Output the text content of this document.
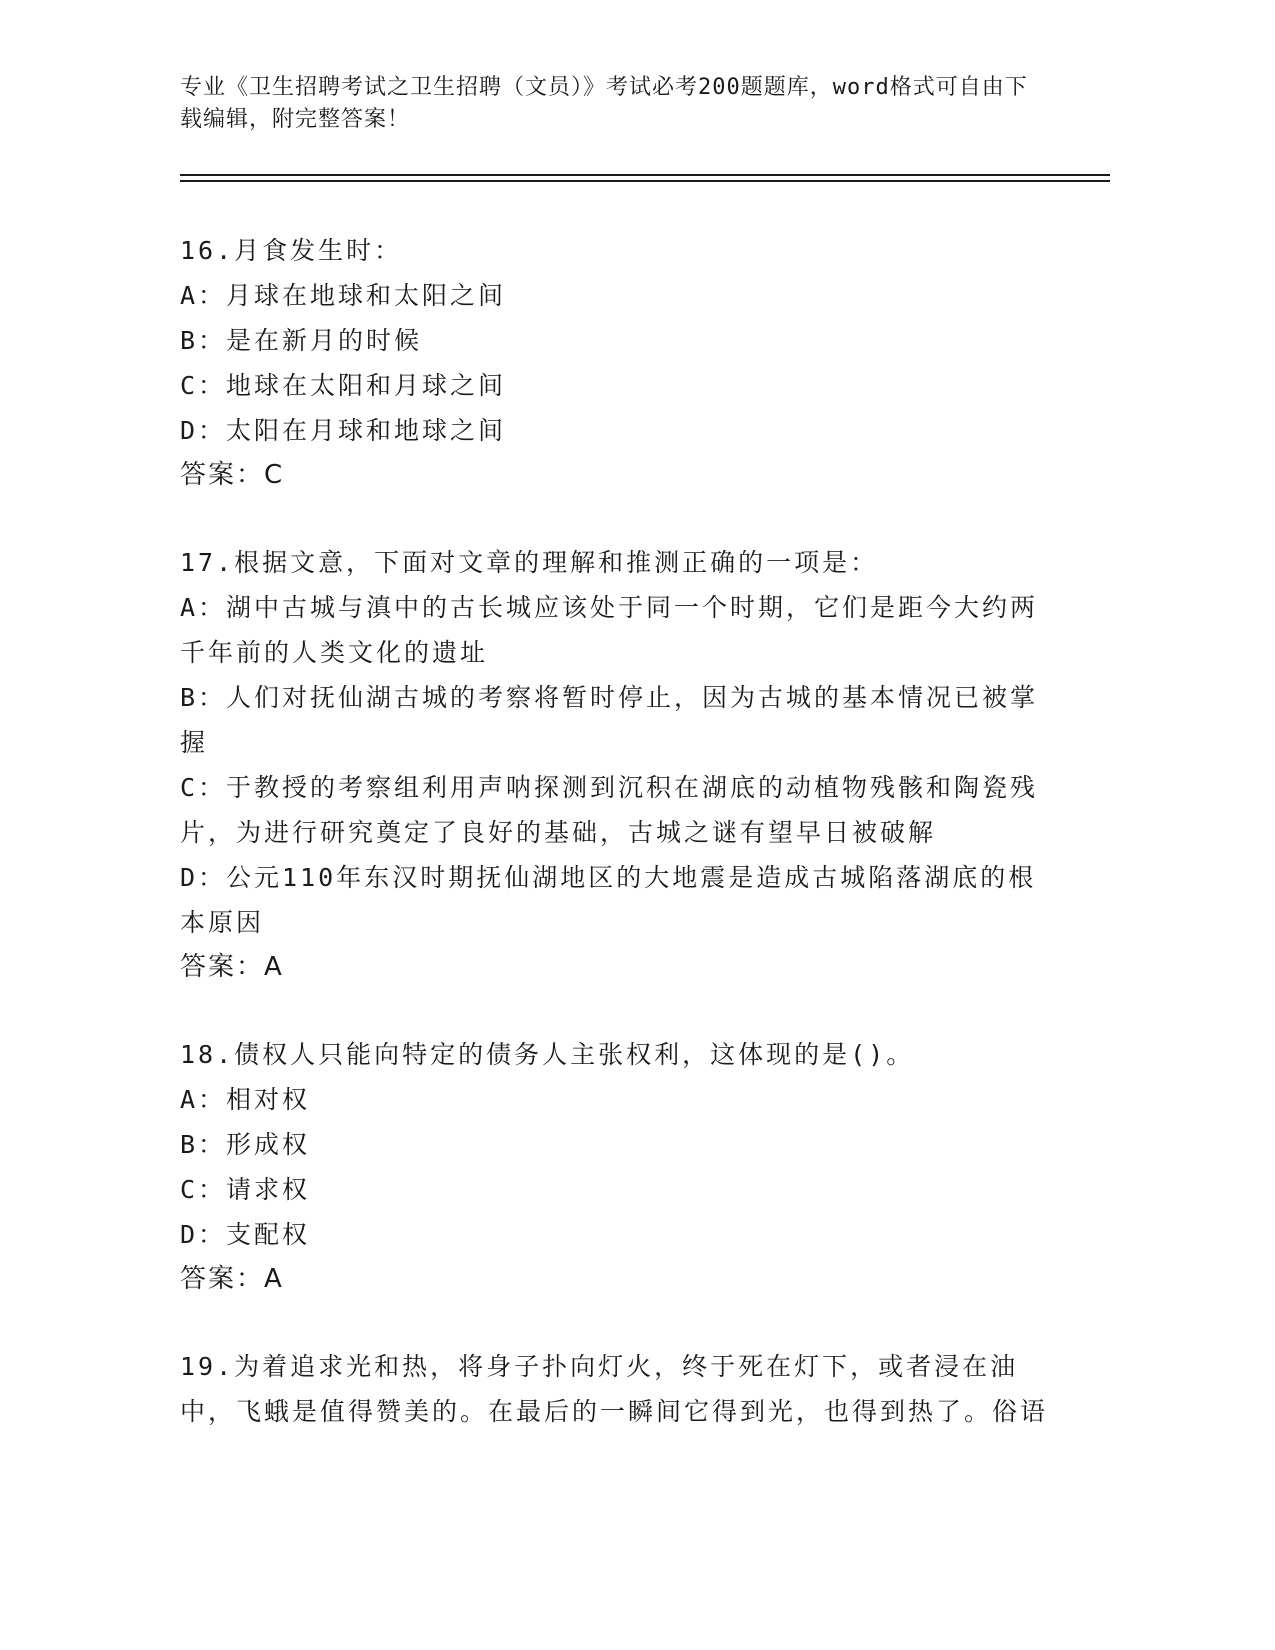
专业《卫生招聘考试之卫生招聘（文员）》考试必考200题题库，word格式可自由下载编辑，附完整答案！

16.月食发生时：

A：月球在地球和太阳之间

B：是在新月的时候

C：地球在太阳和月球之间

D：太阳在月球和地球之间

答案：C

17.根据文意，下面对文章的理解和推测正确的一项是：

A：湖中古城与滇中的古长城应该处于同一个时期，它们是距今大约两千年前的人类文化的遗址

B：人们对抚仙湖古城的考察将暂时停止，因为古城的基本情况已被掌握

C：于教授的考察组利用声呐探测到沉积在湖底的动植物残骸和陶瓷残片，为进行研究奠定了良好的基础，古城之谜有望早日被破解

D：公元110年东汉时期抚仙湖地区的大地震是造成古城陷落湖底的根本原因

答案：A

18.债权人只能向特定的债务人主张权利，这体现的是()。

A：相对权

B：形成权

C：请求权

D：支配权

答案：A

19.为着追求光和热，将身子扑向灯火，终于死在灯下，或者浸在油中，飞蛾是值得赞美的。在最后的一瞬间它得到光，也得到热了。俗语
